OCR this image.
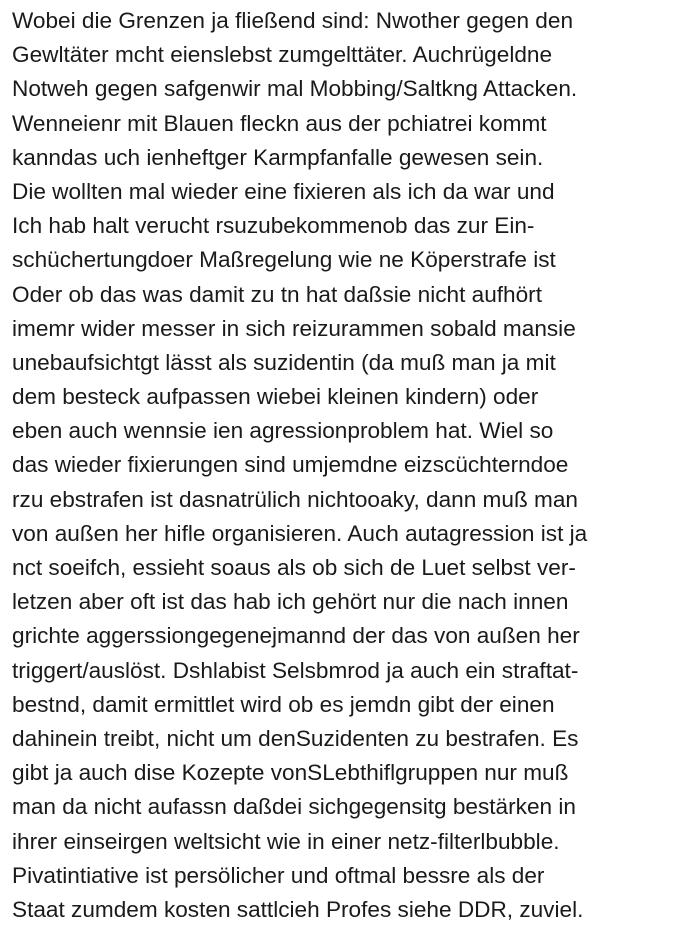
Wobei die Grenzen ja fließend sind: Nwother gegen den
Gewltäter mcht eienslebst zumgelttäter. Auchrügeldne
Notweh gegen safgenwir mal Mobbing/Saltkng Attacken.
Wenneienr mit Blauen fleckn aus der pchiatrei kommt
kanndas uch ienheftger Karmpfanfalle gewesen sein.
Die wollten mal wieder eine fixieren als ich da war und
Ich hab halt verucht rsuzubekommenob das zur Ein-
schüchertungdoer Maßregelung wie ne Köperstrafe ist
Oder ob das was damit zu tn hat daßsie nicht aufhört
imemr wider messer in sich reizurammen sobald mansie
unebaufsichtgt lässt als suzidentin (da muß man ja mit
dem besteck aufpassen wiebei kleinen kindern) oder
eben auch wennsie ien agressionproblem hat. Wiel so
das wieder fixierungen sind umjemdne eizscüchterndoe
rzu ebstrafen ist dasnatrülich nichtooaky, dann muß man
von außen her hifle organisieren. Auch autagression ist ja
nct soeifch, essieht soaus als ob sich de Luet selbst ver-
letzen aber oft ist das hab ich gehört nur die nach innen
grichte aggerssiongegenejmannd der das von außen her
triggert/auslöst. Dshlabist Selsbmrod ja auch ein straftat-
bestnd, damit ermittlet wird ob es jemdn gibt der einen
dahinein treibt, nicht um denSuzidenten zu bestrafen. Es
gibt ja auch dise Kozepte vonSLebthiflgruppen nur muß
man da nicht aufassn daßdei sichgegensitg bestärken in
ihrer einseirgen weltsicht wie in einer netz-filterlbubble.
Pivatintiative ist persölicher und oftmal bessre als der
Staat zumdem kosten sattlcieh Profes siehe DDR, zuviel.
